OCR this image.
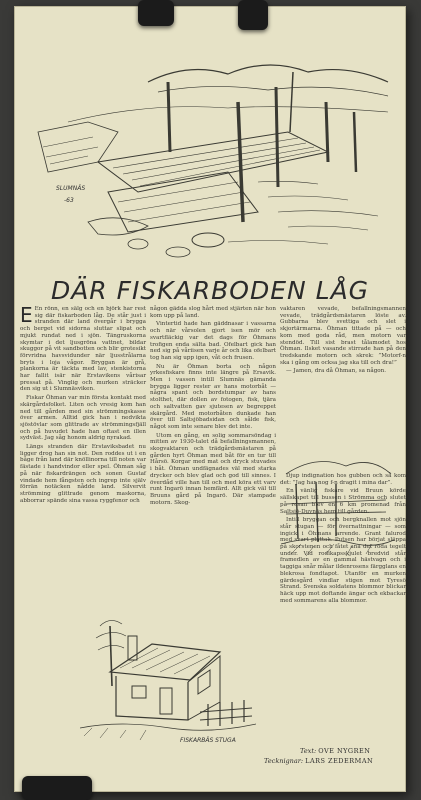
SLUMNÄS
-63
DÄR FISKARBODEN LÅG

E En rönn, en sälg och en björk har rest sig där fiskarboden låg. De står just i stranden där land övergår i brygga och berget vid sidorna sluttar slipat och mjukt rundat ned i sjön. Tängruskorna skymtar i det ljusgröna vattnet, bildar skuggor på vit sandbotten och blir grotesikt förvridna havsvidunder när ljusstrålarna bryts i loja vågor. Bryggan är grå, plankorna är täckta med lav, stenkistorna har fallit isär när Erstavikens vårisar pressat på. Vinglig och murken sträcker den sig ut i Slumnäsviken.

Fiskar Öhman var min första kontakt med skärgårdsfolket. Liten och vresig kom han ned till gården med sin strömmingskasse över armen. Alltid gick han i nedvikta sjöstövlar som glittrade av strömmingsfjäll och på huvudet hade han oftast en illen sydväst. Jag såg honom aldrig nyrakad.

Längs stranden där Erstaviksbadet nu ligger drog han sin not. Den roddes ut i en båge från land där knöllinorna till noten var fästade i handvindor eller spel. Öhman såg på när fiskardrängen och sonen Gustaf vindade hem fångsten och ingrep inte själv förrän notäcken nådde land. Silvervit strömming glittrade genom maskorna, abborrar spände sina vassa ryggfenor och

någon gädda slog hårt med stjärten när hon kom upp på land.

Vintertid hade han gäddnasar i vassarna och när vårsolen gjort isen mör och svartfläckig var det dags för Öhmans trofigen enda sälta bad. Ofelbart gick han ned sig på våriisen varje år och lika ofelbart tog han sig upp igen, våt och frusen.

Nu är Öhman borta och någon yrkesfiskare finns inte längre på Ersavik. Men i vassen intill Slumnäs gämanda brygga ligger rester av hans motorbåt — några spant och bordstumpar av hans stolthet, där dollen av fotogen, fisk, tjära och saltvatten gav sjutesen av begreppet skärgård. Med motorbåten dunkade han över till Saltsjöbadsidan och sålde fisk, något som inte senare blev det inte.

Utom en gång, en solig sommarsöndag i mitten av 1930-talet då befallningsmannen, skogvaktaren och trädgårdsmästaren på gården hyrt Öhman med båt för en tur till Hårsö. Korgar med mat och dryck stuvades i båt. Öhman undfägnades väl med starka drycker och blev glad och god till sinnes. I överdåd ville han till och med köra ett varv runt Ingarö innan hemfärd. Allt gick väl till Bruuns gård på Ingarö. Där stampade motorn. Skog-

vaktaren vevade, befallningsmannen vevade, trädgårdsmästaren löste av. Gubbarna blev svettiga och slet i skjortärmarna. Öhman tittade på — och kom med goda råd, men motorn var stendöd. Till sist brast tålamodet hos Öhman. Ilsket vasande stirrade han på den tredskande motorn och skrek: ”Motorf-n ska i gång om ocksa jag ska till och dra!”

— Jamen, dra då Öhman, sa någon.

Djup indignation hos gubben och så kom det: ”Jag har nog f-n dragit i mina dar”.

En vänlig fiskare vid Bruun körde sällskapet till bussen i Strömma och slutet på resan blev en 6 km promenad från Saltsjö-Duvnäs hem till gården.

Intill bryggan och bergknallen mot sjön står stugan — för övernattningar — som ingick i Öhmans arrende. Grant falurod med svart plåttak. Putsen har börjat släppa på skorstenen och fåtet ana det röda tegelt under. Vid rodikapsskjulet bredvid står framedlen av en gammal hästvagn och i taggiga snår målar ildenrosens färgglans en blekrosa fondtapot. Utanför en murken gärdesgård vindlar stigen mot Tyresö Strand. Svenska soldatens blommor blickar häck upp mot doftande ängar och ekbackar med sommarens alla blommor.

FISKARBÄS STUGA
Text: OVE NYGREN
Tecknignar: LARS ZEDERMAN
